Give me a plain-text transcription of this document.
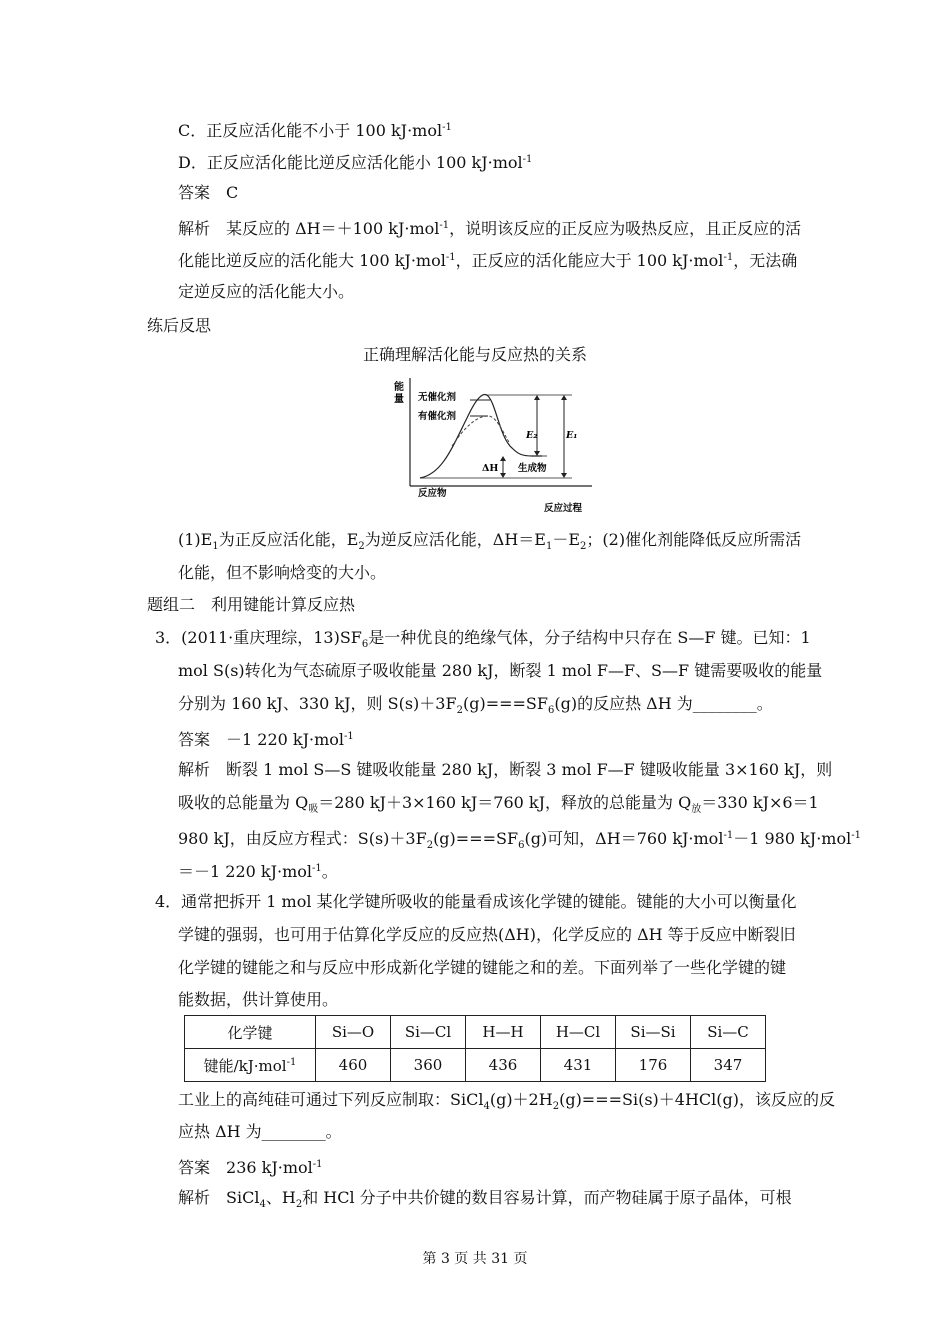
C．正反应活化能不小于 100 kJ·mol$^{-1}$
D．正反应活化能比逆反应活化能小 100 kJ·mol$^{-1}$
答案　 C
解析　 某反应的 ΔH＝＋100 kJ·mol$^{-1}$，说明该反应的正反应为吸热反应，且正反应的活
化能比逆反应的活化能大 100 kJ·mol$^{-1}$，正反应的活化能应大于 100 kJ·mol$^{-1}$，无法确
定逆反应的活化能大小。
练后反思
正确理解活化能与反应热的关系
能
量 无催化剂
有催化剂
E₂	E₁
ΔH 生成物
反应物
反应过程
$(1)E_1$为正反应活化能，$E_2$为逆反应活化能，$\Delta H=E_1-E_2$；(2)催化剂能降低反应所需活
化能，但不影响焓变的大小。
题组二　利用键能计算反应热
3．(2011·重庆理综，$13)SF_6$是一种优良的绝缘气体，分子结构中只存在 S—F 键。已知：1
mol S(s)转化为气态硫原子吸收能量 280 kJ，断裂 1 mol F—F、S—F 键需要吸收的能量
分别为 160 kJ、330 kJ，则 $S(s)+3F_2(g)===SF_6(g)$的反应热 ΔH 为________。
答案　 －1 220 kJ·mol$^{-1}$
解析　 断裂 1 mol S—S 键吸收能量 280 kJ，断裂 3 mol F—F 键吸收能量 3×160 kJ，则
吸收的总能量为 $Q_吸=280$ kJ＋3×160 kJ＝760 kJ，释放的总能量为 $Q_放=330$ kJ×6＝1
980 kJ，由反应方程式：$S(s)+3F_2(g)===SF_6(g)$可知，ΔH＝760 kJ·mol$^{-1}$－1 980 kJ·mol$^{-1}$
＝－1 220 kJ·mol$^{-1}$。
4．通常把拆开 1 mol 某化学键所吸收的能量看成该化学键的键能。键能的大小可以衡量化
学键的强弱，也可用于估算化学反应的反应热(ΔH)，化学反应的 ΔH 等于反应中断裂旧
化学键的键能之和与反应中形成新化学键的键能之和的差。下面列举了一些化学键的键
能数据，供计算使用。
化学键	Si—O	Si—Cl	H—H	H—Cl	Si—Si	Si—C
键能/kJ·mol$^{-1}$	460	360	436	431	176	347
工业上的高纯硅可通过下列反应制取：$SiCl_4(g)+2H_2(g)===Si(s)+4HCl(g)$，该反应的反
应热 ΔH 为________。
答案　 236 kJ·mol$^{-1}$
解析　 SiCl$_4$、$H_2$和 HCl 分子中共价键的数目容易计算，而产物硅属于原子晶体，可根
第 3 页 共 31 页
